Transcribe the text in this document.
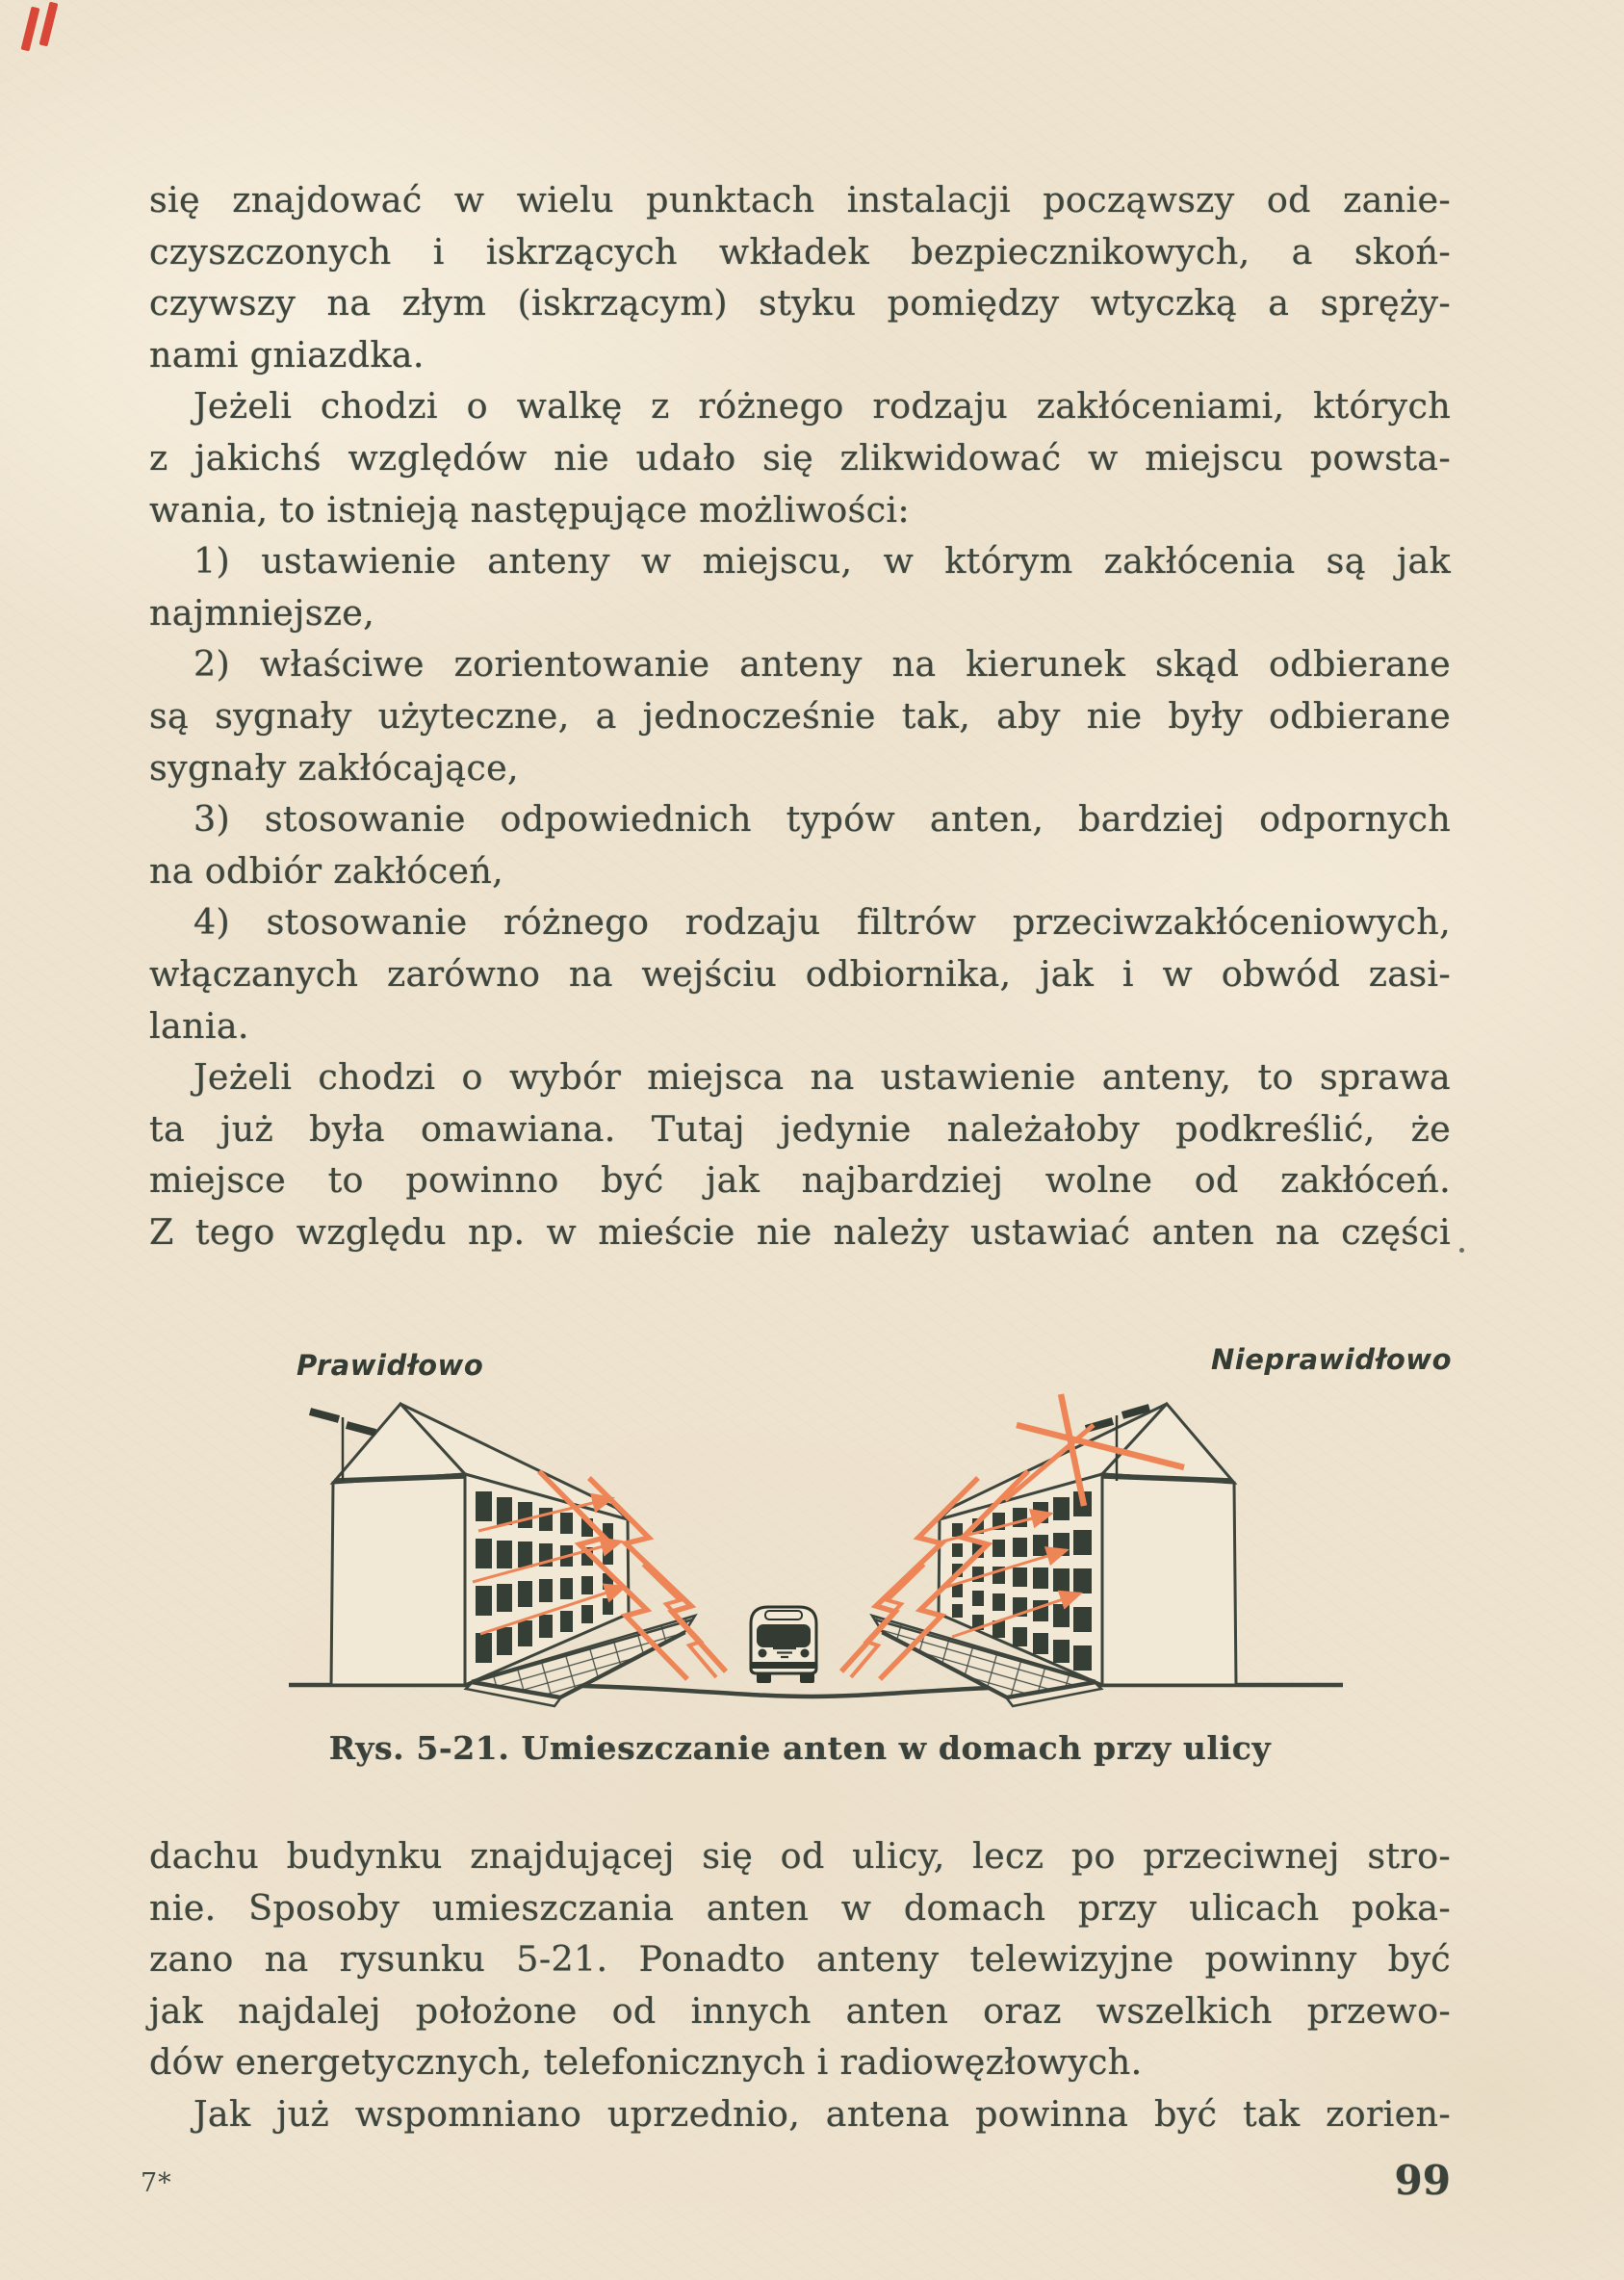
się znajdować w wielu punktach instalacji począwszy od zanie-
czyszczonych i iskrzących wkładek bezpiecznikowych, a skoń-
czywszy na złym (iskrzącym) styku pomiędzy wtyczką a spręży-
nami gniazdka.
Jeżeli chodzi o walkę z różnego rodzaju zakłóceniami, których
z jakichś względów nie udało się zlikwidować w miejscu powsta-
wania, to istnieją następujące możliwości:
1) ustawienie anteny w miejscu, w którym zakłócenia są jak
najmniejsze,
2) właściwe zorientowanie anteny na kierunek skąd odbierane
są sygnały użyteczne, a jednocześnie tak, aby nie były odbierane
sygnały zakłócające,
3) stosowanie odpowiednich typów anten, bardziej odpornych
na odbiór zakłóceń,
4) stosowanie różnego rodzaju filtrów przeciwzakłóceniowych,
włączanych zarówno na wejściu odbiornika, jak i w obwód zasi-
lania.
Jeżeli chodzi o wybór miejsca na ustawienie anteny, to sprawa
ta już była omawiana. Tutaj jedynie należałoby podkreślić, że
miejsce to powinno być jak najbardziej wolne od zakłóceń.
Z tego względu np. w mieście nie należy ustawiać anten na części
Prawidłowo	Nieprawidłowo
Rys. 5-21. Umieszczanie anten w domach przy ulicy
dachu budynku znajdującej się od ulicy, lecz po przeciwnej stro-
nie. Sposoby umieszczania anten w domach przy ulicach poka-
zano na rysunku 5-21. Ponadto anteny telewizyjne powinny być
jak najdalej położone od innych anten oraz wszelkich przewo-
dów energetycznych, telefonicznych i radiowęzłowych.
Jak już wspomniano uprzednio, antena powinna być tak zorien-
7*	99
